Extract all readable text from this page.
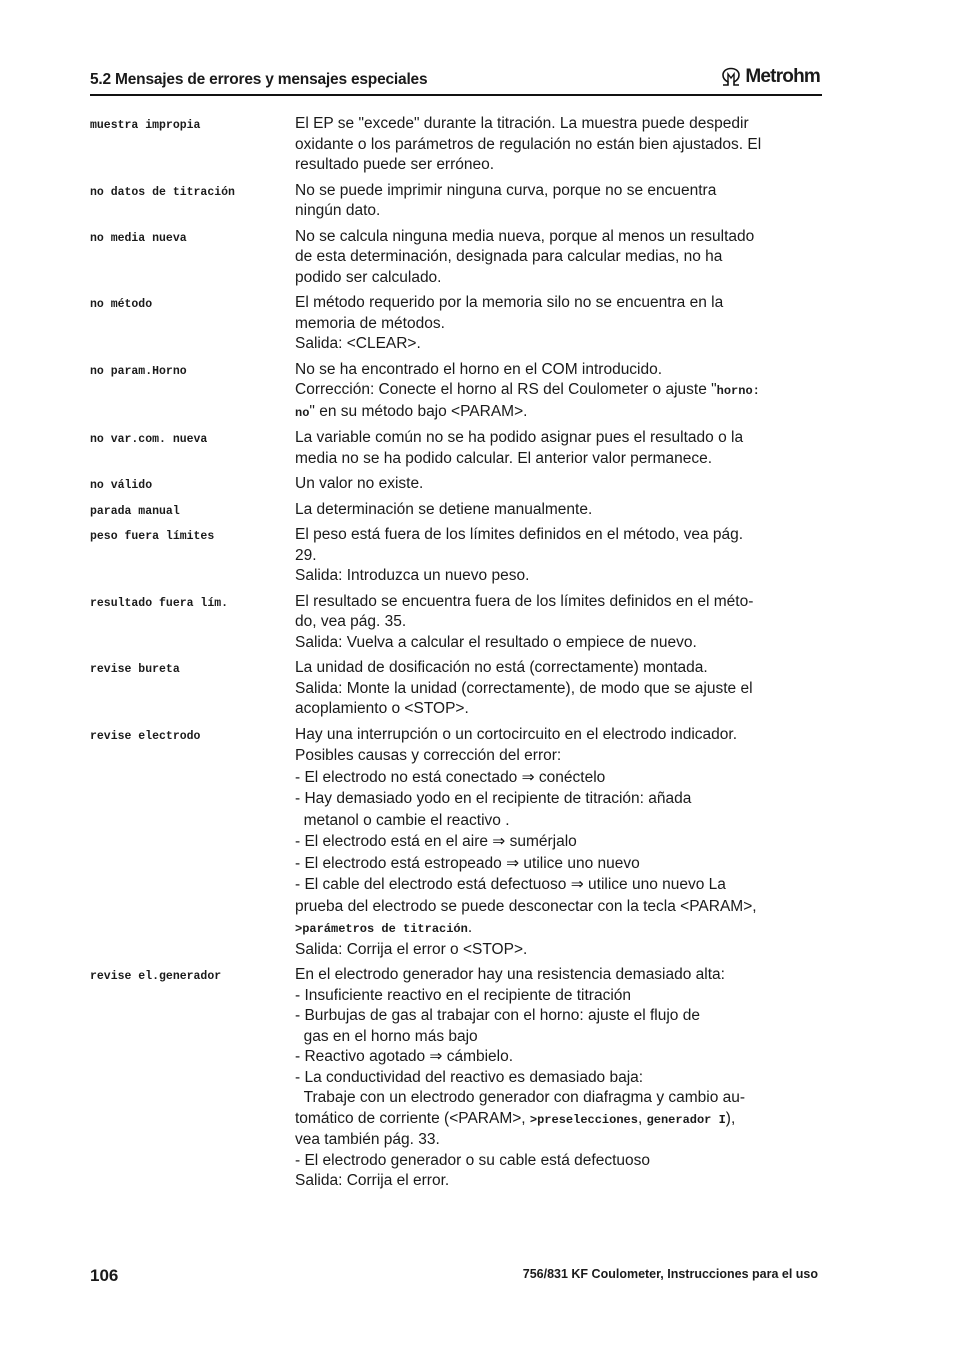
5.2 Mensajes de errores y mensajes especiales	Metrohm
muestra impropia	El EP se "excede" durante la titración. La muestra puede despedir
oxidante o los parámetros de regulación no están bien ajustados. El
resultado puede ser erróneo.
no datos de titración	No se puede imprimir ninguna curva, porque no se encuentra
ningún dato.
no media nueva	No se calcula ninguna media nueva, porque al menos un resultado
de esta determinación, designada para calcular medias, no ha
podido ser calculado.
no método	El método requerido por la memoria silo no se encuentra en la
memoria de métodos.
Salida: <CLEAR>.
no param.Horno	No se ha encontrado el horno en el COM introducido.
Corrección: Conecte el horno al RS del Coulometer o ajuste "horno:
no" en su método bajo <PARAM>.
no var.com. nueva	La variable común no se ha podido asignar pues el resultado o la
media no se ha podido calcular. El anterior valor permanece.
no válido	Un valor no existe.
parada manual	La determinación se detiene manualmente.
peso fuera límites	El peso está fuera de los límites definidos en el método, vea pág.
29.
Salida: Introduzca un nuevo peso.
resultado fuera lím.	El resultado se encuentra fuera de los límites definidos en el méto-
do, vea pág. 35.
Salida: Vuelva a calcular el resultado o empiece de nuevo.
revise bureta	La unidad de dosificación no está (correctamente) montada.
Salida: Monte la unidad (correctamente), de modo que se ajuste el
acoplamiento o <STOP>.
revise electrodo	Hay una interrupción o un cortocircuito en el electrodo indicador.
Posibles causas y corrección del error:
- El electrodo no está conectado ⇒ conéctelo
- Hay demasiado yodo en el recipiente de titración: añada
metanol o cambie el reactivo .
- El electrodo está en el aire ⇒ sumérjalo
- El electrodo está estropeado ⇒ utilice uno nuevo
- El cable del electrodo está defectuoso ⇒ utilice uno nuevo La
prueba del electrodo se puede desconectar con la tecla <PARAM>,
>parámetros de titración.
Salida: Corrija el error o <STOP>.
revise el.generador	En el electrodo generador hay una resistencia demasiado alta:
- Insuficiente reactivo en el recipiente de titración
- Burbujas de gas al trabajar con el horno: ajuste el flujo de
gas en el horno más bajo
- Reactivo agotado ⇒ cámbielo.
- La conductividad del reactivo es demasiado baja:
Trabaje con un electrodo generador con diafragma y cambio au-
tomático de corriente (<PARAM>, >preselecciones, generador I),
vea también pág. 33.
- El electrodo generador o su cable está defectuoso
Salida: Corrija el error.
106	756/831 KF Coulometer, Instrucciones para el uso
